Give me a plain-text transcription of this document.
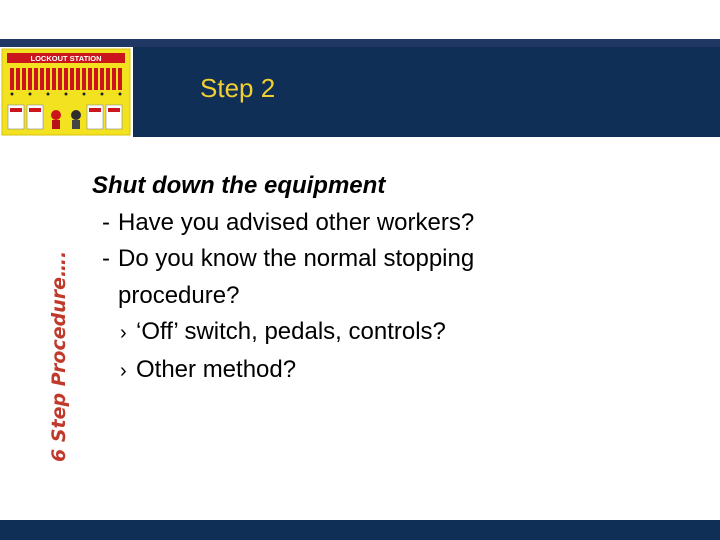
LOCKOUT STATION
Step 2
6 Step Procedure….
Shut down the equipment
- Have you advised other workers?
- Do you know the normal stopping
procedure?
› ‘Off’ switch, pedals, controls?
› Other method?
